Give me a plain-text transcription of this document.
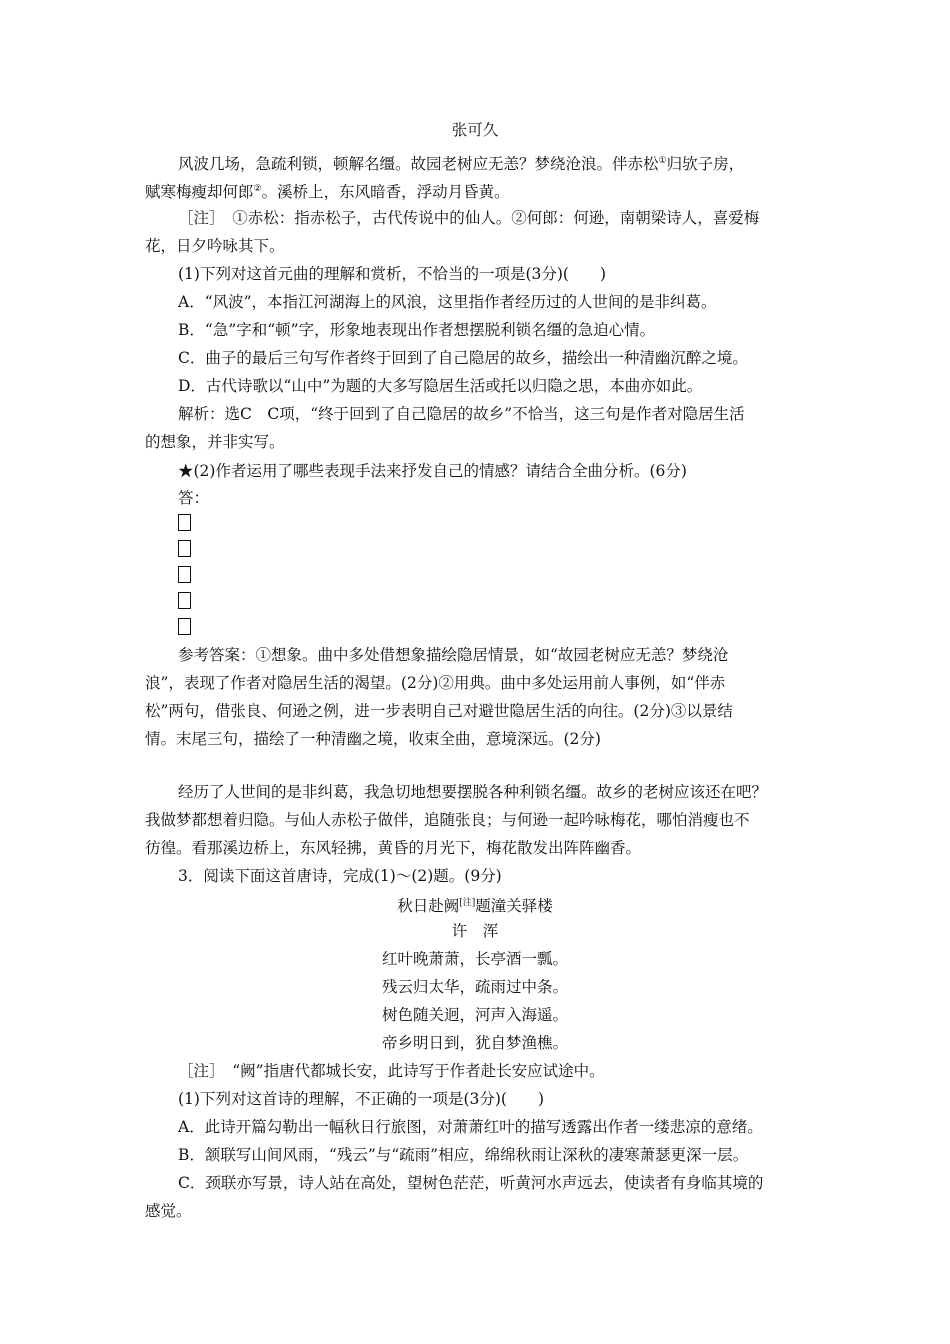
张可久
风波几场，急疏利锁，顿解名缰。故园老树应无恙？梦绕沧浪。伴赤松①归欤子房，
赋寒梅瘦却何郎②。溪桥上，东风暗香，浮动月昏黄。
［注］　①赤松：指赤松子，古代传说中的仙人。②何郎：何逊，南朝梁诗人，喜爱梅
花，日夕吟咏其下。
(1)下列对这首元曲的理解和赏析，不恰当的一项是(3分)(　　)
A．“风波”，本指江河湖海上的风浪，这里指作者经历过的人世间的是非纠葛。
B．“急”字和“顿”字，形象地表现出作者想摆脱利锁名缰的急迫心情。
C．曲子的最后三句写作者终于回到了自己隐居的故乡，描绘出一种清幽沉醉之境。
D．古代诗歌以“山中”为题的大多写隐居生活或托以归隐之思，本曲亦如此。
解析：选C　C项，“终于回到了自己隐居的故乡”不恰当，这三句是作者对隐居生活
的想象，并非实写。
★(2)作者运用了哪些表现手法来抒发自己的情感？请结合全曲分析。(6分)
答：
参考答案：①想象。曲中多处借想象描绘隐居情景，如“故园老树应无恙？梦绕沧
浪”，表现了作者对隐居生活的渴望。(2分)②用典。曲中多处运用前人事例，如“伴赤
松”两句，借张良、何逊之例，进一步表明自己对避世隐居生活的向往。(2分)③以景结
情。末尾三句，描绘了一种清幽之境，收束全曲，意境深远。(2分)
经历了人世间的是非纠葛，我急切地想要摆脱各种利锁名缰。故乡的老树应该还在吧？
我做梦都想着归隐。与仙人赤松子做伴，追随张良；与何逊一起吟咏梅花，哪怕消瘦也不
彷徨。看那溪边桥上，东风轻拂，黄昏的月光下，梅花散发出阵阵幽香。
3．阅读下面这首唐诗，完成(1)～(2)题。(9分)
秋日赴阙[注]题潼关驿楼
许　浑
红叶晚萧萧，长亭酒一瓢。
残云归太华，疏雨过中条。
树色随关迥，河声入海遥。
帝乡明日到，犹自梦渔樵。
［注］　“阙”指唐代都城长安，此诗写于作者赴长安应试途中。
(1)下列对这首诗的理解，不正确的一项是(3分)(　　)
A．此诗开篇勾勒出一幅秋日行旅图，对萧萧红叶的描写透露出作者一缕悲凉的意绪。
B．颔联写山间风雨，“残云”与“疏雨”相应，绵绵秋雨让深秋的凄寒萧瑟更深一层。
C．颈联亦写景，诗人站在高处，望树色茫茫，听黄河水声远去，使读者有身临其境的
感觉。
